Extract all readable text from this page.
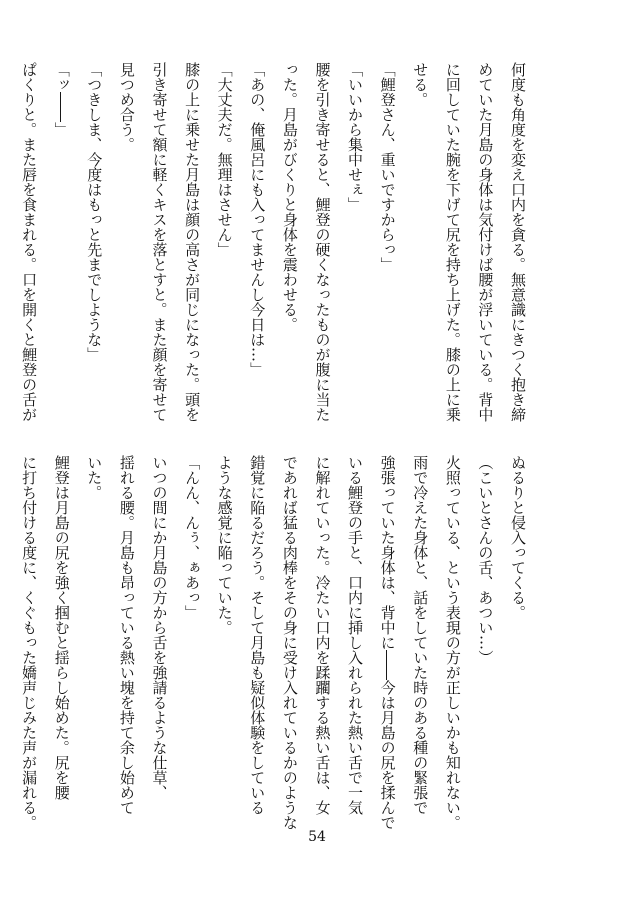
何度も角度を変え口内を貪る。無意識にきつく抱き締

めていた月島の身体は気付けば腰が浮いている。背中

に回していた腕を下げて尻を持ち上げた。膝の上に乗

せる。

「鯉登さん、重いですからっ」

「いいから集中せぇ」

腰を引き寄せると、鯉登の硬くなったものが腹に当た

った。月島がびくりと身体を震わせる。

「あの、俺風呂にも入ってませんし今日は…」

「大丈夫だ。無理はさせん」

膝の上に乗せた月島は顔の高さが同じになった。頭を

引き寄せて額に軽くキスを落とすと。また顔を寄せて

見つめ合う。

「つきしま、今度はもっと先までしような」

「ッ――」

ぱくりと。また唇を食まれる。口を開くと鯉登の舌が

ぬるりと侵入ってくる。

（こいとさんの舌、あつい…）

火照っている、という表現の方が正しいかも知れない。

雨で冷えた身体と、話をしていた時のある種の緊張で

強張っていた身体は、背中に――今は月島の尻を揉んで

いる鯉登の手と、口内に挿し入れられた熱い舌で一気

に解れていった。冷たい口内を蹂躙する熱い舌は、女

であれば猛る肉棒をその身に受け入れているかのような

錯覚に陥るだろう。そして月島も疑似体験をしている

ような感覚に陥っていた。

「んん、んぅ、ぁあっ」

いつの間にか月島の方から舌を強請るような仕草、

揺れる腰。月島も昂っている熱い塊を持て余し始めて

いた。

鯉登は月島の尻を強く掴むと揺らし始めた。尻を腰

に打ち付ける度に、くぐもった嬌声じみた声が漏れる。

54
